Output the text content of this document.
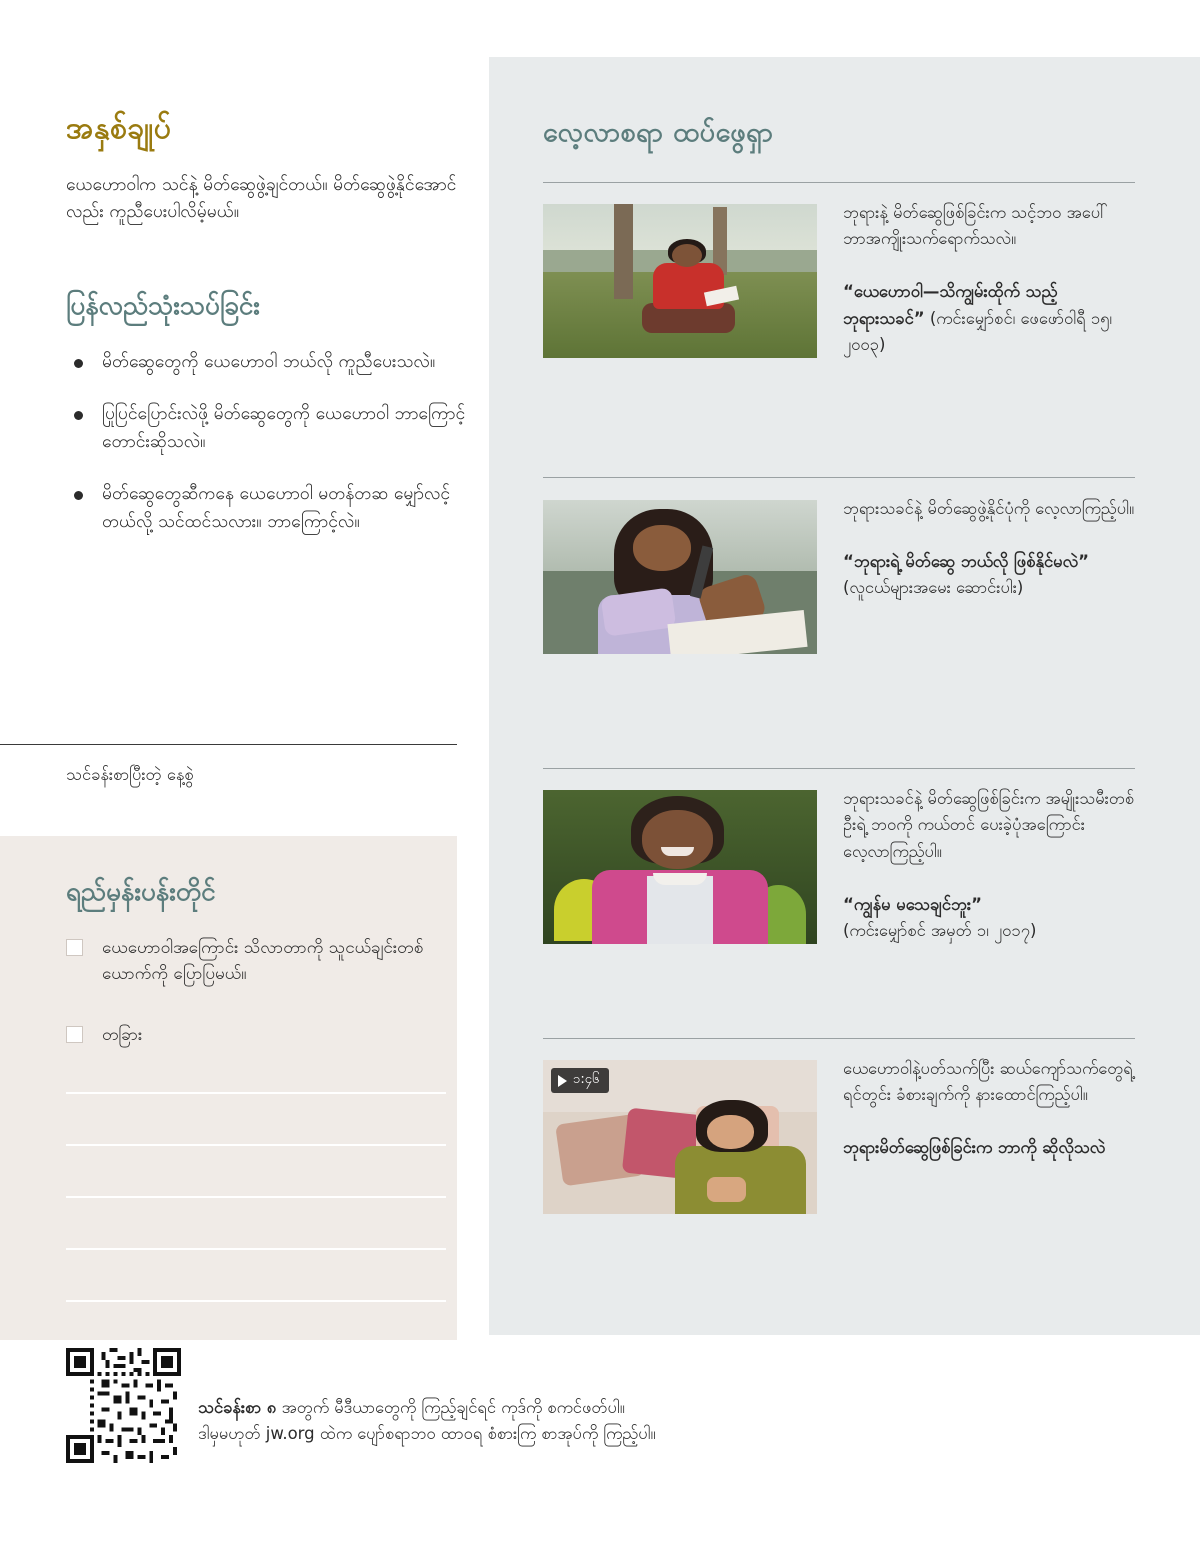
အနှစ်ချုပ်
ယေဟောဝါက သင်နဲ့ မိတ်ဆွေဖွဲ့ချင်တယ်။ မိတ်ဆွေဖွဲ့နိုင်အောင်လည်း ကူညီပေးပါလိမ့်မယ်။
ပြန်လည်သုံးသပ်ခြင်း
မိတ်ဆွေတွေကို ယေဟောဝါ ဘယ်လို ကူညီပေးသလဲ။
ပြုပြင်ပြောင်းလဲဖို့ မိတ်ဆွေတွေကို ယေဟောဝါ ဘာကြောင့် တောင်းဆိုသလဲ။
မိတ်ဆွေတွေဆီကနေ ယေဟောဝါ မတန်တဆ မျှော်လင့်တယ်လို့ သင်ထင်သလား။ ဘာကြောင့်လဲ။
သင်ခန်းစာပြီးတဲ့ နေ့စွဲ
ရည်မှန်းပန်းတိုင်
ယေဟောဝါအကြောင်း သိလာတာကို သူငယ်ချင်းတစ်ယောက်ကို ပြောပြမယ်။
တခြား
လေ့လာစရာ ထပ်ဖွေရှာ
ဘုရားနဲ့ မိတ်ဆွေဖြစ်ခြင်းက သင့်ဘဝ အပေါ် ဘာအကျိုးသက်ရောက်သလဲ။

“ယေဟောဝါ—သိကျွမ်းထိုက် သည့်ဘုရားသခင်” (ကင်းမျှော်စင်၊ ဖေဖော်ဝါရီ ၁၅၊ ၂၀၀၃)
ဘုရားသခင်နဲ့ မိတ်ဆွေဖွဲ့နိုင်ပုံကို လေ့လာကြည့်ပါ။

“ဘုရားရဲ့ မိတ်ဆွေ ဘယ်လို ဖြစ်နိုင်မလဲ” (လူငယ်များအမေး ဆောင်းပါး)
ဘုရားသခင်နဲ့ မိတ်ဆွေဖြစ်ခြင်းက အမျိုးသမီးတစ်ဦးရဲ့ ဘဝကို ကယ်တင် ပေးခဲ့ပုံအကြောင်း လေ့လာကြည့်ပါ။

“ကျွန်မ မသေချင်ဘူး”
(ကင်းမျှော်စင် အမှတ် ၁၊ ၂၀၁၇)
၁:၄၆
ယေဟောဝါနဲ့ပတ်သက်ပြီး ဆယ်ကျော်သက်တွေရဲ့ ရင်တွင်း ခံစားချက်ကို နားထောင်ကြည့်ပါ။

ဘုရားမိတ်ဆွေဖြစ်ခြင်းက ဘာကို ဆိုလိုသလဲ
သင်ခန်းစာ ၈ အတွက် မီဒီယာတွေကို ကြည့်ချင်ရင် ကုဒ်ကို စကင်ဖတ်ပါ။
ဒါမှမဟုတ် jw.org ထဲက ပျော်စရာဘဝ ထာဝရ စံစားကြ စာအုပ်ကို ကြည့်ပါ။
